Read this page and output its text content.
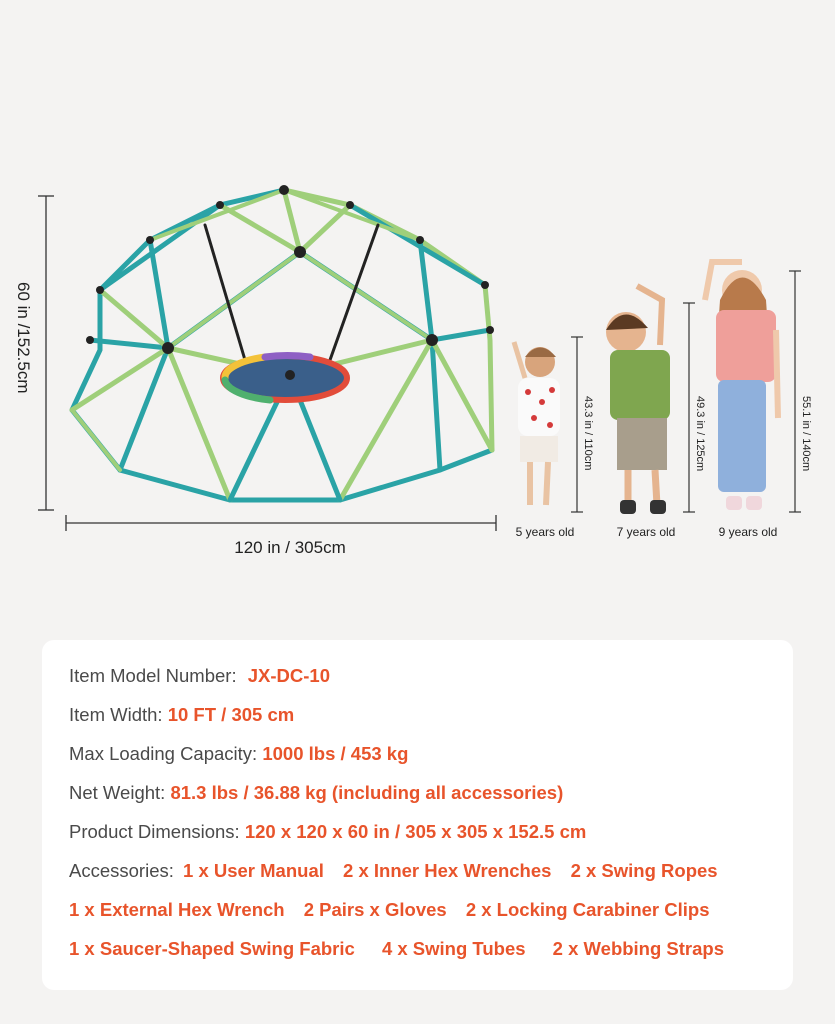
60 in /152.5cm
120 in / 305cm
43.3 in / 110cm
5 years old
49.3 in / 125cm
7 years old
55.1 in / 140cm
9 years old
Item Model Number: JX-DC-10
Item Width: 10 FT / 305 cm
Max Loading Capacity: 1000 lbs / 453 kg
Net Weight: 81.3 lbs / 36.88 kg (including all accessories)
Product Dimensions: 120 x 120 x 60 in / 305 x 305 x 152.5 cm
Accessories: 1 x User Manual 2 x Inner Hex Wrenches 2 x Swing Ropes
1 x External Hex Wrench 2 Pairs x Gloves 2 x Locking Carabiner Clips
1 x Saucer-Shaped Swing Fabric 4 x Swing Tubes 2 x Webbing Straps
